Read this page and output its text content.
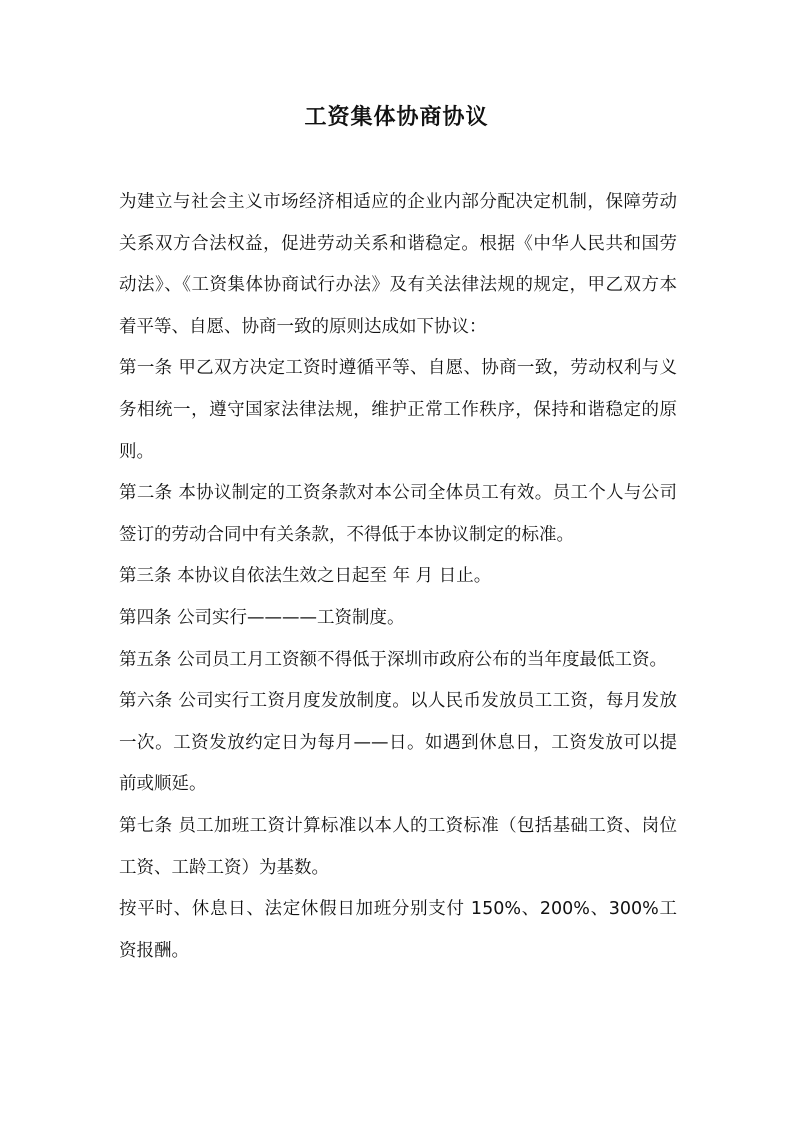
工资集体协商协议

为建立与社会主义市场经济相适应的企业内部分配决定机制，保障劳动关系双方合法权益，促进劳动关系和谐稳定。根据《中华人民共和国劳动法》、《工资集体协商试行办法》及有关法律法规的规定，甲乙双方本着平等、自愿、协商一致的原则达成如下协议：

第一条 甲乙双方决定工资时遵循平等、自愿、协商一致，劳动权利与义务相统一，遵守国家法律法规，维护正常工作秩序，保持和谐稳定的原则。

第二条 本协议制定的工资条款对本公司全体员工有效。员工个人与公司签订的劳动合同中有关条款，不得低于本协议制定的标准。

第三条 本协议自依法生效之日起至 年 月 日止。

第四条 公司实行————工资制度。

第五条 公司员工月工资额不得低于深圳市政府公布的当年度最低工资。

第六条 公司实行工资月度发放制度。以人民币发放员工工资，每月发放一次。工资发放约定日为每月——日。如遇到休息日，工资发放可以提前或顺延。

第七条 员工加班工资计算标准以本人的工资标准（包括基础工资、岗位工资、工龄工资）为基数。

按平时、休息日、法定休假日加班分别支付 150%、200%、300%工资报酬。
